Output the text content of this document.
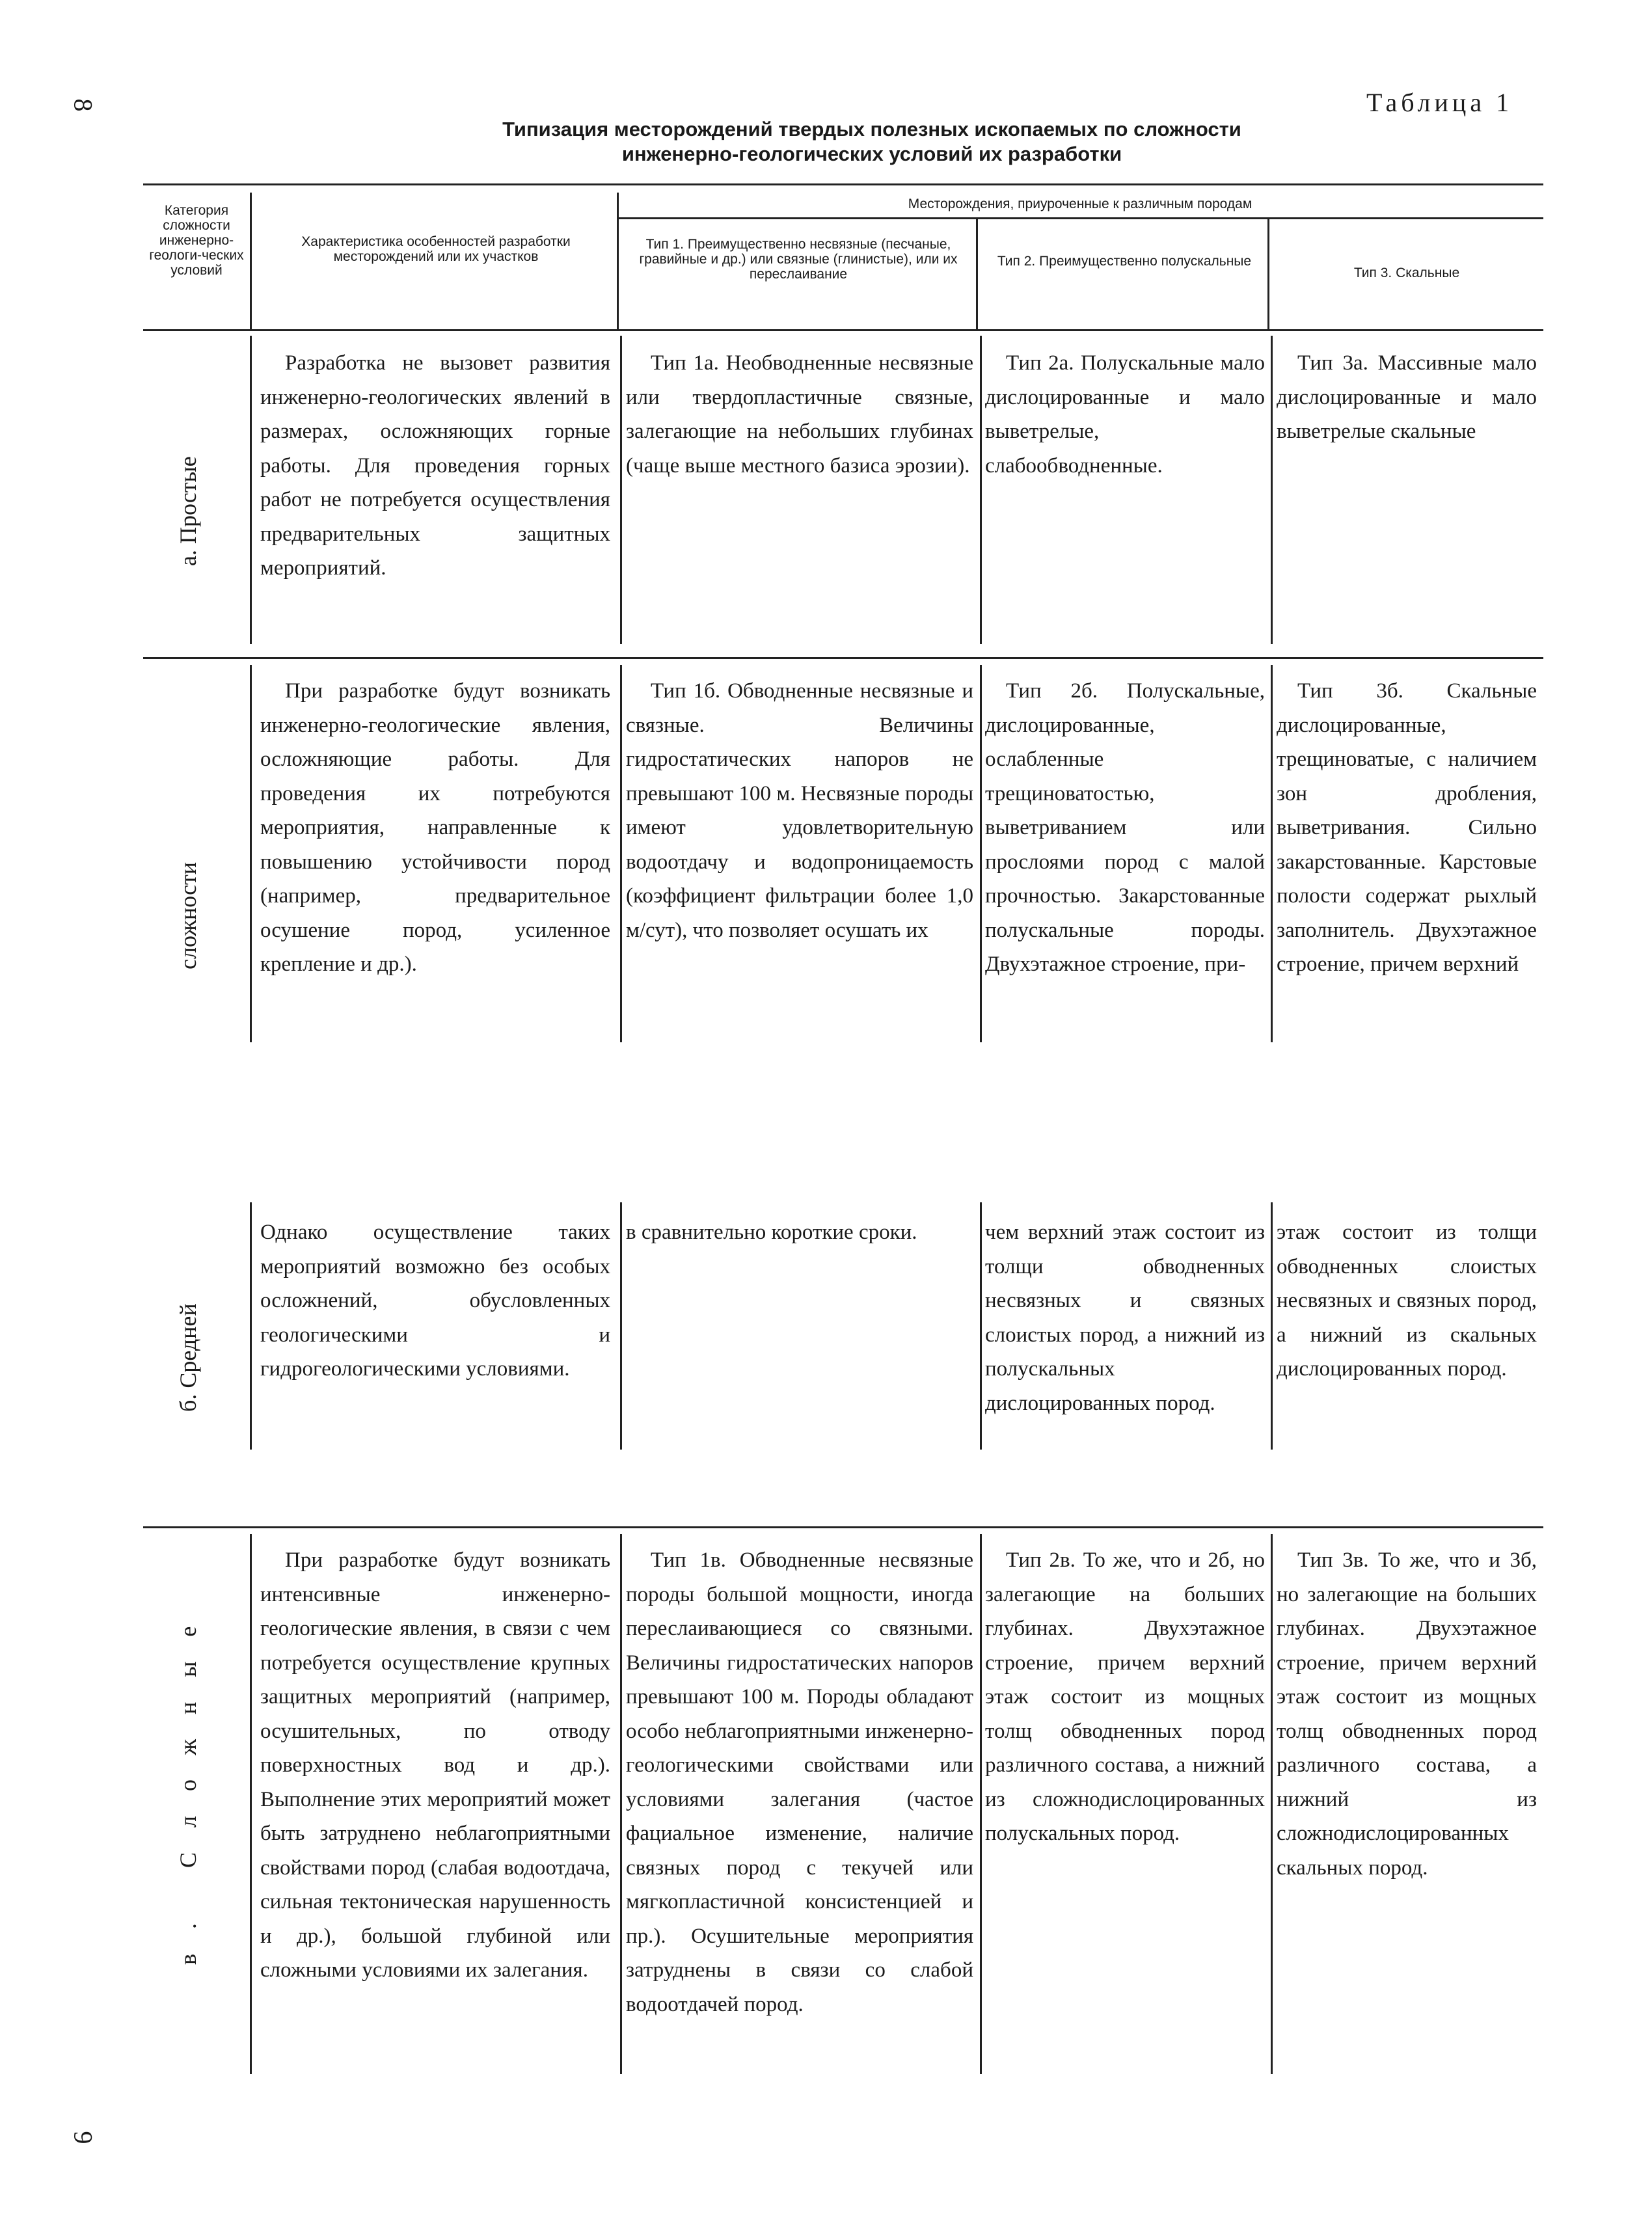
8
9
Таблица 1
Типизация месторождений твердых полезных ископаемых по сложности
инженерно-геологических условий их разработки
Категория сложности инженерно-геологи-ческих условий
Характеристика особенностей разработки месторождений или их участков
Месторождения, приуроченные к различным породам
Тип 1. Преимущественно несвязные (песчаные, гравийные и др.) или связные (глинистые), или их переслаивание
Тип 2. Преимущественно полускальные
Тип 3. Скальные
а. Простые
сложности
б. Средней
в. Сложные
Разработка не вызовет развития инженерно-геологических явлений в размерах, осложняющих горные работы. Для проведения горных работ не потребуется осуществления предварительных защитных мероприятий.
Тип 1а. Необводненные несвязные или твердопластичные связные, залегающие на небольших глубинах (чаще выше местного базиса эрозии).
Тип 2а. Полускальные мало дислоцированные и мало выветрелые, слабообводненные.
Тип 3а. Массивные мало дислоцированные и мало выветрелые скальные
При разработке будут возникать инженерно-геологические явления, осложняющие работы. Для проведения их потребуются мероприятия, направленные к повышению устойчивости пород (например, предварительное осушение пород, усиленное крепление и др.).
Тип 1б. Обводненные несвязные и связные. Величины гидростатических напоров не превышают 100 м. Несвязные породы имеют удовлетворительную водоотдачу и водопроницаемость (коэффициент фильтрации более 1,0 м/сут), что позволяет осушать их
Тип 2б. Полускальные, дислоцированные, ослабленные трещиноватостью, выветриванием или прослоями пород с малой прочностью. Закарстованные полускальные породы. Двухэтажное строение, при-
Тип 3б. Скальные дислоцированные, трещиноватые, с наличием зон дробления, выветривания. Сильно закарстованные. Карстовые полости содержат рыхлый заполнитель. Двухэтажное строение, причем верхний
Однако осуществление таких мероприятий возможно без особых осложнений, обусловленных геологическими и гидрогеологическими условиями.
в сравнительно короткие сроки.	чем верхний этаж состоит из толщи обводненных несвязных и связных слоистых пород, а нижний из полускальных дислоцированных пород.
этаж состоит из толщи обводненных слоистых несвязных и связных пород, а нижний из скальных дислоцированных пород.
При разработке будут возникать интенсивные инженерно-геологические явления, в связи с чем потребуется осуществление крупных защитных мероприятий (например, осушительных, по отводу поверхностных вод и др.). Выполнение этих мероприятий может быть затруднено неблагоприятными свойствами пород (слабая водоотдача, сильная тектоническая нарушенность и др.), большой глубиной или сложными условиями их залегания.
Тип 1в. Обводненные несвязные породы большой мощности, иногда переслаивающиеся со связными. Величины гидростатических напоров превышают 100 м. Породы обладают особо неблагоприятными инженерно-геологическими свойствами или условиями залегания (частое фациальное изменение, наличие связных пород с текучей или мягкопластичной консистенцией и пр.). Осушительные мероприятия затруднены в связи со слабой водоотдачей пород.
Тип 2в. То же, что и 2б, но залегающие на больших глубинах. Двухэтажное строение, причем верхний этаж состоит из мощных толщ обводненных пород различного состава, а нижний из сложнодислоцированных полускальных пород.
Тип 3в. То же, что и 3б, но залегающие на больших глубинах. Двухэтажное строение, причем верхний этаж состоит из мощных толщ обводненных пород различного состава, а нижний из сложнодислоцированных скальных пород.
